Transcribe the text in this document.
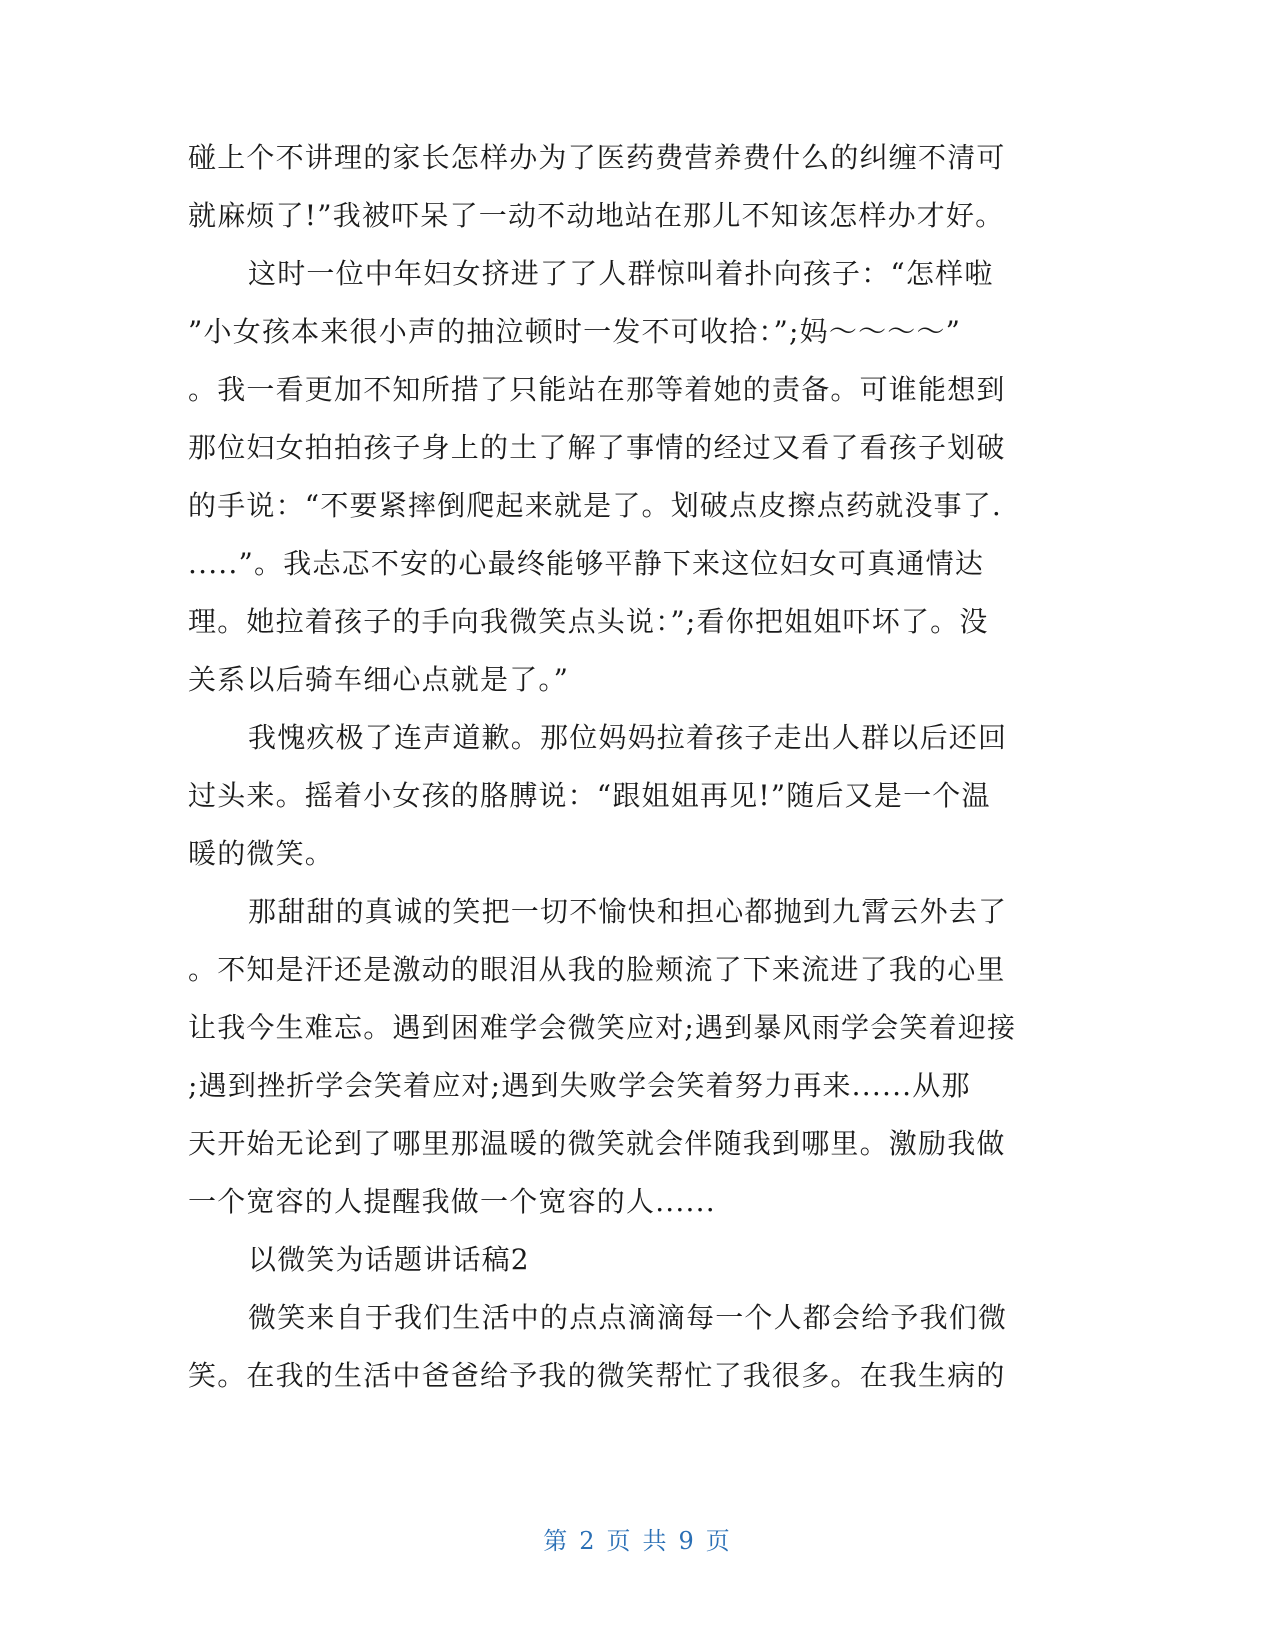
碰上个不讲理的家长怎样办为了医药费营养费什么的纠缠不清可
就麻烦了!”我被吓呆了一动不动地站在那儿不知该怎样办才好。
这时一位中年妇女挤进了了人群惊叫着扑向孩子：“怎样啦
”小女孩本来很小声的抽泣顿时一发不可收拾：”;妈～～～～”
。我一看更加不知所措了只能站在那等着她的责备。可谁能想到
那位妇女拍拍孩子身上的土了解了事情的经过又看了看孩子划破
的手说：“不要紧摔倒爬起来就是了。划破点皮擦点药就没事了.
.....”。我忐忑不安的心最终能够平静下来这位妇女可真通情达
理。她拉着孩子的手向我微笑点头说：”;看你把姐姐吓坏了。没
关系以后骑车细心点就是了。”
我愧疚极了连声道歉。那位妈妈拉着孩子走出人群以后还回
过头来。摇着小女孩的胳膊说：“跟姐姐再见!”随后又是一个温
暖的微笑。
那甜甜的真诚的笑把一切不愉快和担心都抛到九霄云外去了
。不知是汗还是激动的眼泪从我的脸颊流了下来流进了我的心里
让我今生难忘。遇到困难学会微笑应对;遇到暴风雨学会笑着迎接
;遇到挫折学会笑着应对;遇到失败学会笑着努力再来......从那
天开始无论到了哪里那温暖的微笑就会伴随我到哪里。激励我做
一个宽容的人提醒我做一个宽容的人......
以微笑为话题讲话稿2
微笑来自于我们生活中的点点滴滴每一个人都会给予我们微
笑。在我的生活中爸爸给予我的微笑帮忙了我很多。在我生病的
第 2 页 共 9 页
